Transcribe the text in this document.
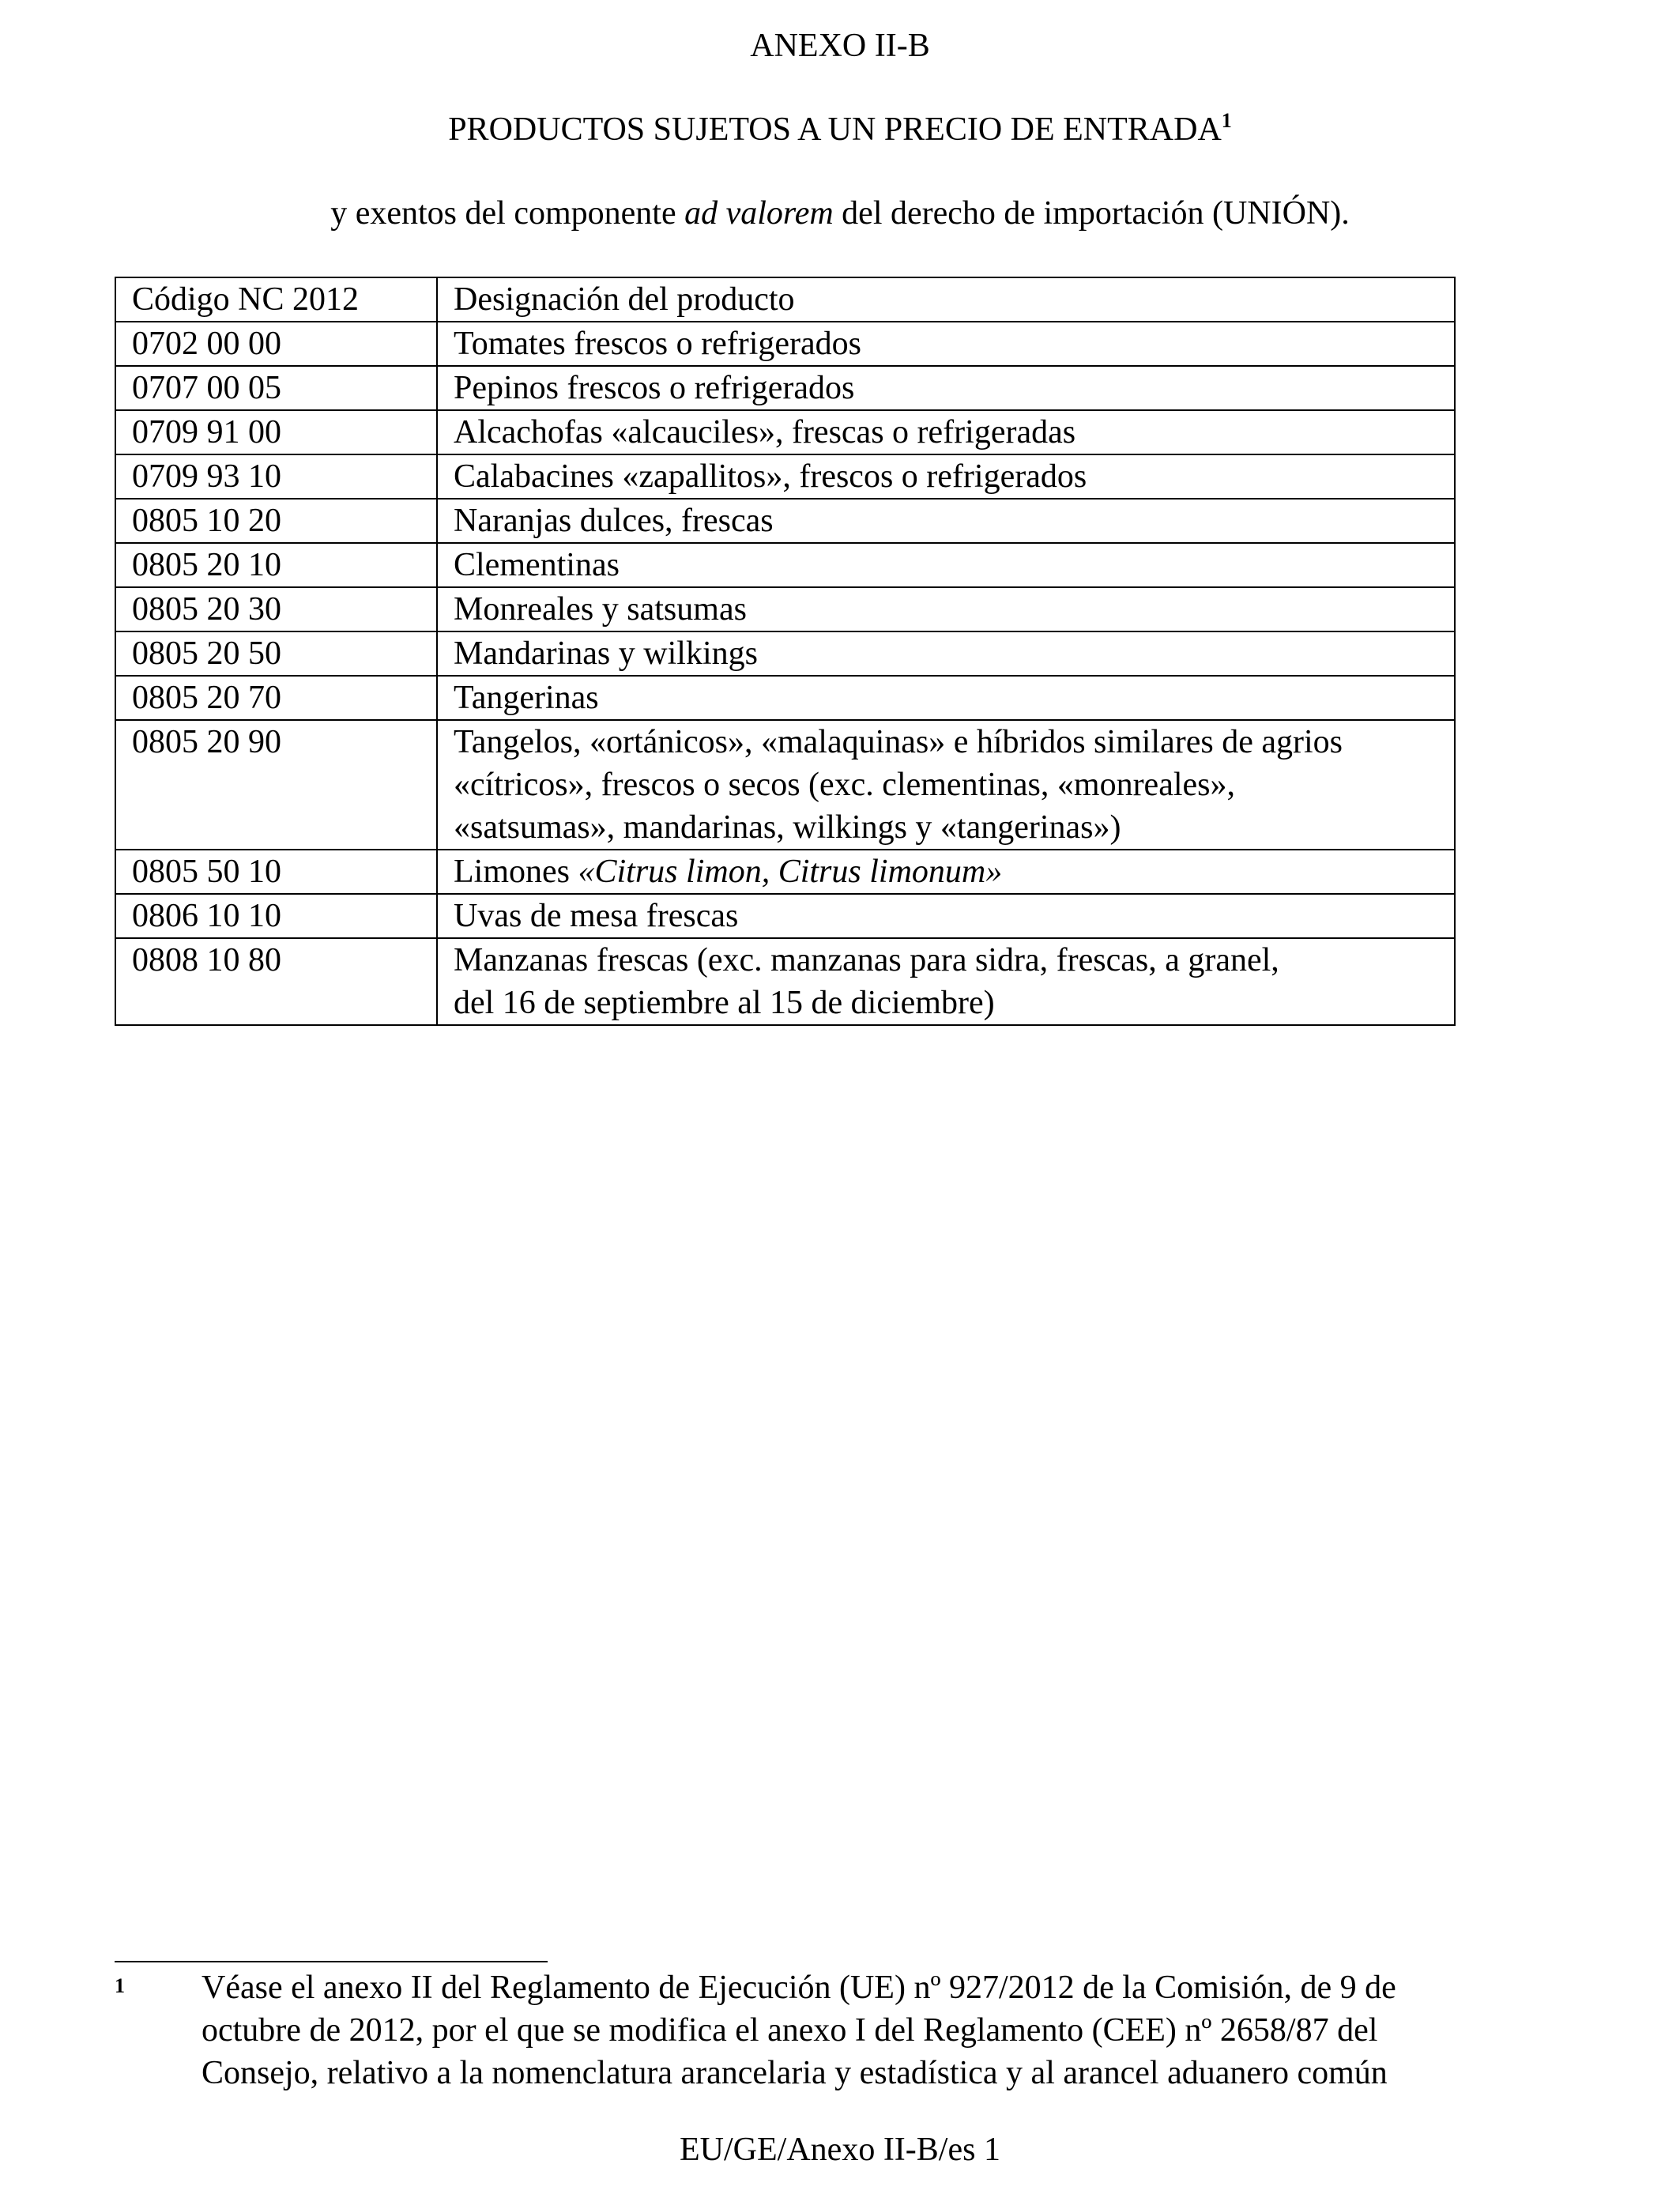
ANEXO II-B
PRODUCTOS SUJETOS A UN PRECIO DE ENTRADA$^1$
y exentos del componente ad valorem del derecho de importación (UNIÓN).
Código NC 2012	Designación del producto
0702 00 00	Tomates frescos o refrigerados
0707 00 05	Pepinos frescos o refrigerados
0709 91 00	Alcachofas «alcauciles», frescas o refrigeradas
0709 93 10	Calabacines «zapallitos», frescos o refrigerados
0805 10 20	Naranjas dulces, frescas
0805 20 10	Clementinas
0805 20 30	Monreales y satsumas
0805 20 50	Mandarinas y wilkings
0805 20 70	Tangerinas
0805 20 90	Tangelos, «ortánicos», «malaquinas» e híbridos similares de agrios
«cítricos», frescos o secos (exc. clementinas, «monreales»,
«satsumas», mandarinas, wilkings y «tangerinas»)
0805 50 10	Limones «Citrus limon, Citrus limonum»
0806 10 10	Uvas de mesa frescas
0808 10 80	Manzanas frescas (exc. manzanas para sidra, frescas, a granel,
del 16 de septiembre al 15 de diciembre)
1 Véase el anexo II del Reglamento de Ejecución (UE) nº 927/2012 de la Comisión, de 9 de
octubre de 2012, por el que se modifica el anexo I del Reglamento (CEE) nº 2658/87 del
Consejo, relativo a la nomenclatura arancelaria y estadística y al arancel aduanero común
EU/GE/Anexo II-B/es 1
